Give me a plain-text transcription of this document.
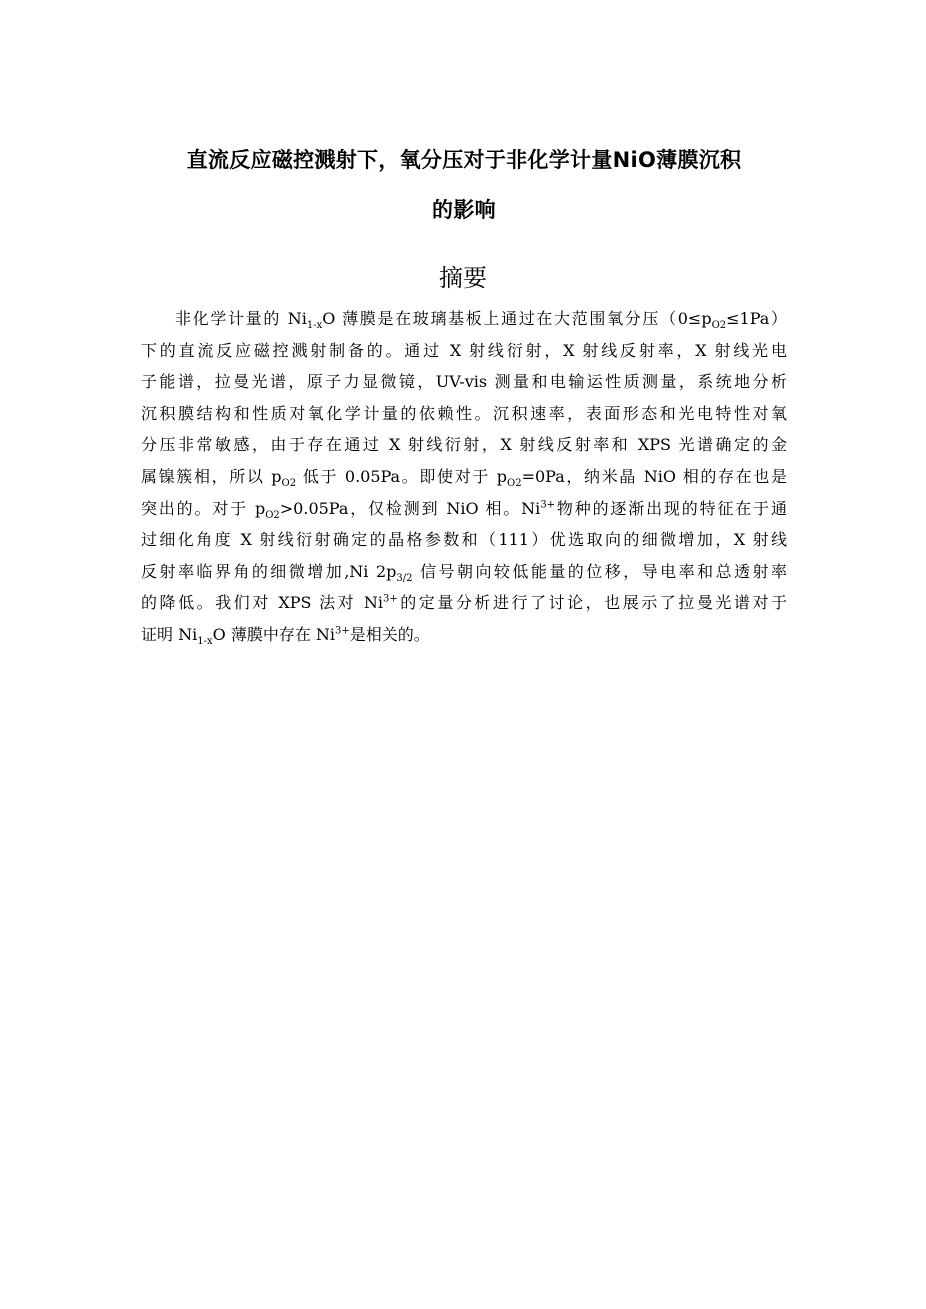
直流反应磁控溅射下，氧分压对于非化学计量NiO薄膜沉积
的影响
摘要
非化学计量的 $Ni_{1-x}O$ 薄膜是在玻璃基板上通过在大范围氧分压$(0\le p_{O2}\le 1Pa)$
下的直流反应磁控溅射制备的。通过 X 射线衍射，X 射线反射率，X 射线光电
子能谱，拉曼光谱，原子力显微镜，UV-vis 测量和电输运性质测量，系统地分析
沉积膜结构和性质对氧化学计量的依赖性。沉积速率，表面形态和光电特性对氧
分压非常敏感，由于存在通过 X 射线衍射，X 射线反射率和 XPS 光谱确定的金
属镍簇相，所以 $p_{O2}$ 低于 0.05Pa。即使对于 $p_{O2}=0Pa$，纳米晶 NiO 相的存在也是
突出的。对于 $p_{O2}>0.05Pa$，仅检测到 NiO 相。$Ni^{3+}$物种的逐渐出现的特征在于通
过细化角度 X 射线衍射确定的晶格参数和（111）优选取向的细微增加，X 射线
反射率临界角的细微增加,Ni $2p_{3/2}$ 信号朝向较低能量的位移，导电率和总透射率
的降低。我们对 XPS 法对 $Ni^{3+}$的定量分析进行了讨论，也展示了拉曼光谱对于
证明 $Ni_{1-x}O$ 薄膜中存在 $Ni^{3+}$是相关的。
